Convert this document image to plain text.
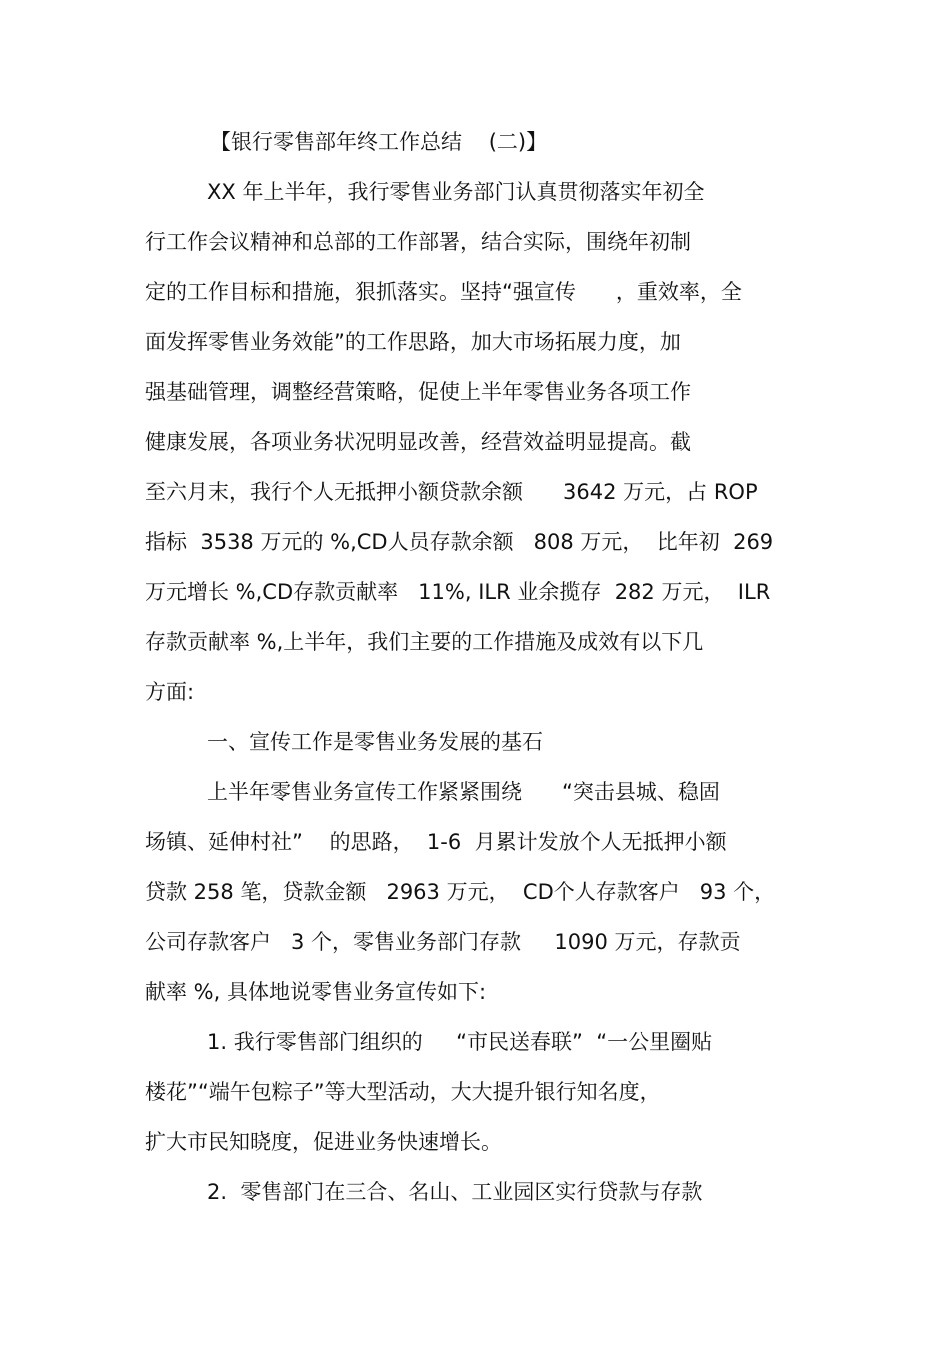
【银行零售部年终工作总结    (二)】
XX 年上半年，我行零售业务部门认真贯彻落实年初全
行工作会议精神和总部的工作部署，结合实际，围绕年初制
定的工作目标和措施，狠抓落实。坚持“强宣传      ，重效率，全
面发挥零售业务效能”的工作思路，加大市场拓展力度，加
强基础管理，调整经营策略，促使上半年零售业务各项工作
健康发展，各项业务状况明显改善，经营效益明显提高。截
至六月末，我行个人无抵押小额贷款余额      3642 万元，占 ROP
指标  3538 万元的 %,CD人员存款余额   808 万元，  比年初  269
万元增长 %,CD存款贡献率   11%, ILR 业余揽存  282 万元，  ILR
存款贡献率 %,上半年，我们主要的工作措施及成效有以下几
方面:
一、宣传工作是零售业务发展的基石
上半年零售业务宣传工作紧紧围绕      “突击县城、稳固
场镇、延伸村社”    的思路，  1-6  月累计发放个人无抵押小额
贷款 258 笔，贷款金额   2963 万元，  CD个人存款客户   93 个，
公司存款客户   3 个，零售业务部门存款     1090 万元，存款贡
献率 %, 具体地说零售业务宣传如下:
1. 我行零售部门组织的     “市民送春联”  “一公里圈贴
楼花”“端午包粽子”等大型活动，大大提升银行知名度，
扩大市民知晓度，促进业务快速增长。
2.  零售部门在三合、名山、工业园区实行贷款与存款
